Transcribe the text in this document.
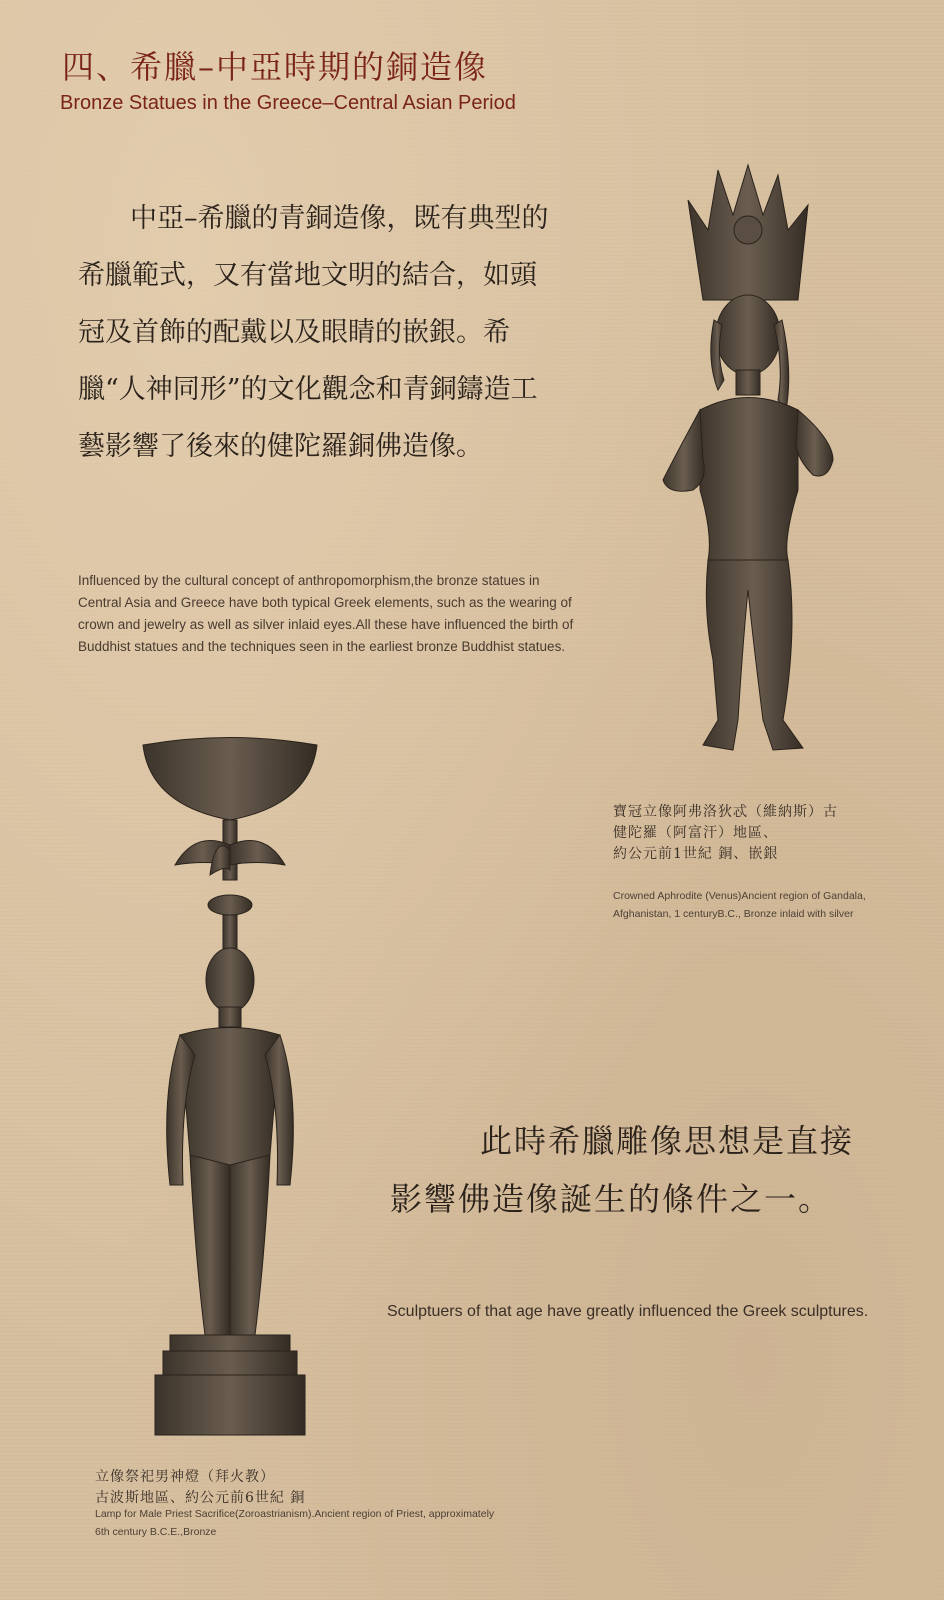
四、希臘–中亞時期的銅造像
Bronze Statues in the Greece–Central Asian Period
中亞–希臘的青銅造像，既有典型的希臘範式，又有當地文明的結合，如頭冠及首飾的配戴以及眼睛的嵌銀。希臘“人神同形”的文化觀念和青銅鑄造工藝影響了後來的健陀羅銅佛造像。
Influenced by the cultural concept of anthropomorphism,the bronze statues in Central Asia and Greece have both typical Greek elements, such as the wearing of crown and jewelry as well as silver inlaid eyes.All these have influenced the birth of Buddhist statues and the techniques seen in the earliest bronze Buddhist statues.
寶冠立像阿弗洛狄忒（維納斯）古
健陀羅（阿富汗）地區、
約公元前1世紀 銅、嵌銀
Crowned Aphrodite (Venus)Ancient region of Gandala, Afghanistan, 1 centuryB.C., Bronze inlaid with silver
此時希臘雕像思想是直接影響佛造像誕生的條件之一。
Sculptuers of that age have greatly influenced the Greek sculptures.
立像祭祀男神燈（拜火教）
古波斯地區、約公元前6世紀 銅
Lamp for Male Priest Sacrifice(Zoroastrianism).Ancient region of Priest, approximately 6th century B.C.E.,Bronze
